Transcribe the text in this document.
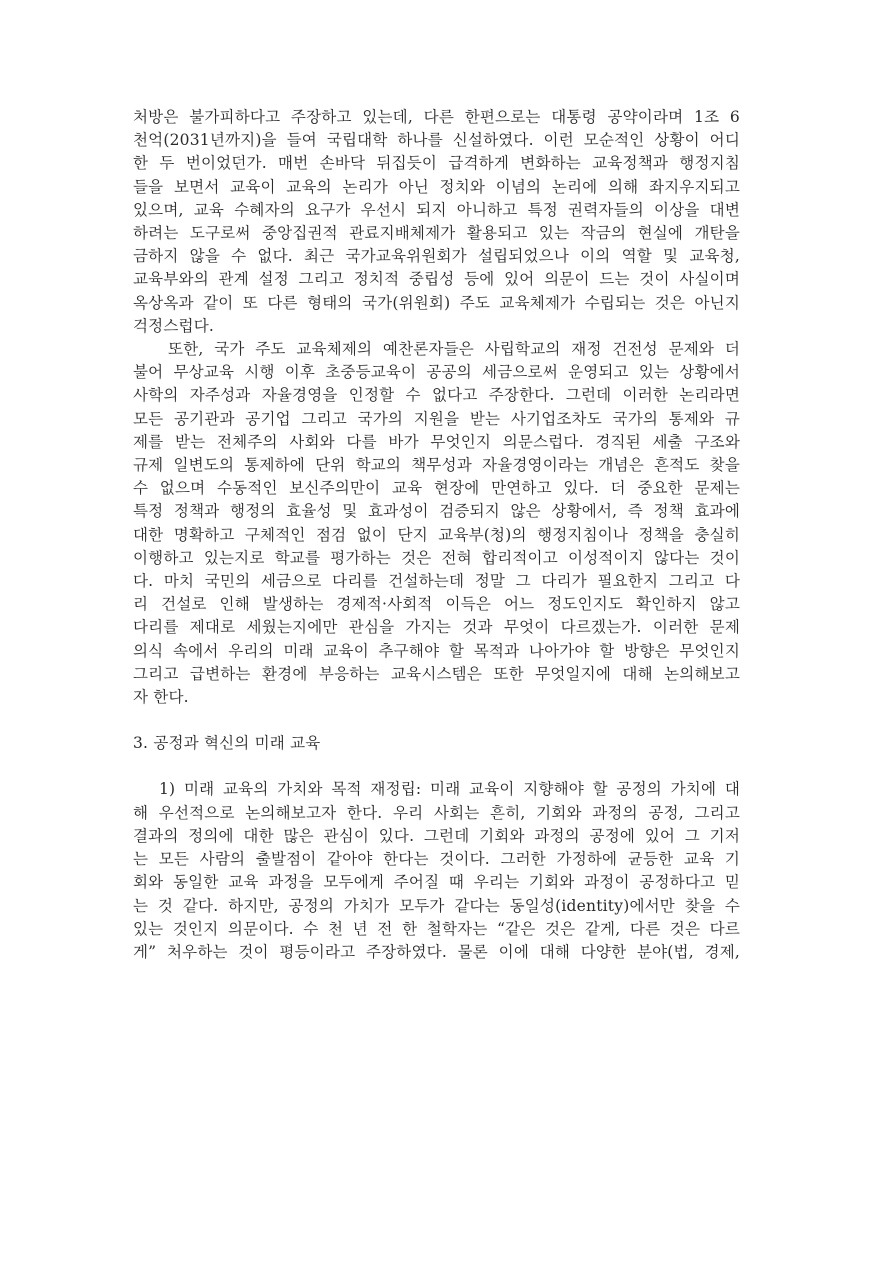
처방은 불가피하다고 주장하고 있는데, 다른 한편으로는 대통령 공약이라며 1조 6
천억(2031년까지)을 들여 국립대학 하나를 신설하였다. 이런 모순적인 상황이 어디
한 두 번이었던가. 매번 손바닥 뒤집듯이 급격하게 변화하는 교육정책과 행정지침
들을 보면서 교육이 교육의 논리가 아닌 정치와 이념의 논리에 의해 좌지우지되고
있으며, 교육 수혜자의 요구가 우선시 되지 아니하고 특정 권력자들의 이상을 대변
하려는 도구로써 중앙집권적 관료지배체제가 활용되고 있는 작금의 현실에 개탄을
금하지 않을 수 없다. 최근 국가교육위원회가 설립되었으나 이의 역할 및 교육청,
교육부와의 관계 설정 그리고 정치적 중립성 등에 있어 의문이 드는 것이 사실이며
옥상옥과 같이 또 다른 형태의 국가(위원회) 주도 교육체제가 수립되는 것은 아닌지
걱정스럽다.
또한, 국가 주도 교육체제의 예찬론자들은 사립학교의 재정 건전성 문제와 더
불어 무상교육 시행 이후 초중등교육이 공공의 세금으로써 운영되고 있는 상황에서
사학의 자주성과 자율경영을 인정할 수 없다고 주장한다. 그런데 이러한 논리라면
모든 공기관과 공기업 그리고 국가의 지원을 받는 사기업조차도 국가의 통제와 규
제를 받는 전체주의 사회와 다를 바가 무엇인지 의문스럽다. 경직된 세출 구조와
규제 일변도의 통제하에 단위 학교의 책무성과 자율경영이라는 개념은 흔적도 찾을
수 없으며 수동적인 보신주의만이 교육 현장에 만연하고 있다. 더 중요한 문제는
특정 정책과 행정의 효율성 및 효과성이 검증되지 않은 상황에서, 즉 정책 효과에
대한 명확하고 구체적인 점검 없이 단지 교육부(청)의 행정지침이나 정책을 충실히
이행하고 있는지로 학교를 평가하는 것은 전혀 합리적이고 이성적이지 않다는 것이
다. 마치 국민의 세금으로 다리를 건설하는데 정말 그 다리가 필요한지 그리고 다
리 건설로 인해 발생하는 경제적·사회적 이득은 어느 정도인지도 확인하지 않고
다리를 제대로 세웠는지에만 관심을 가지는 것과 무엇이 다르겠는가. 이러한 문제
의식 속에서 우리의 미래 교육이 추구해야 할 목적과 나아가야 할 방향은 무엇인지
그리고 급변하는 환경에 부응하는 교육시스템은 또한 무엇일지에 대해 논의해보고
자 한다.
3. 공정과 혁신의 미래 교육
1) 미래 교육의 가치와 목적 재정립: 미래 교육이 지향해야 할 공정의 가치에 대
해 우선적으로 논의해보고자 한다. 우리 사회는 흔히, 기회와 과정의 공정, 그리고
결과의 정의에 대한 많은 관심이 있다. 그런데 기회와 과정의 공정에 있어 그 기저
는 모든 사람의 출발점이 같아야 한다는 것이다. 그러한 가정하에 균등한 교육 기
회와 동일한 교육 과정을 모두에게 주어질 때 우리는 기회와 과정이 공정하다고 믿
는 것 같다. 하지만, 공정의 가치가 모두가 같다는 동일성(identity)에서만 찾을 수
있는 것인지 의문이다. 수 천 년 전 한 철학자는 “같은 것은 같게, 다른 것은 다르
게” 처우하는 것이 평등이라고 주장하였다. 물론 이에 대해 다양한 분야(법, 경제,
